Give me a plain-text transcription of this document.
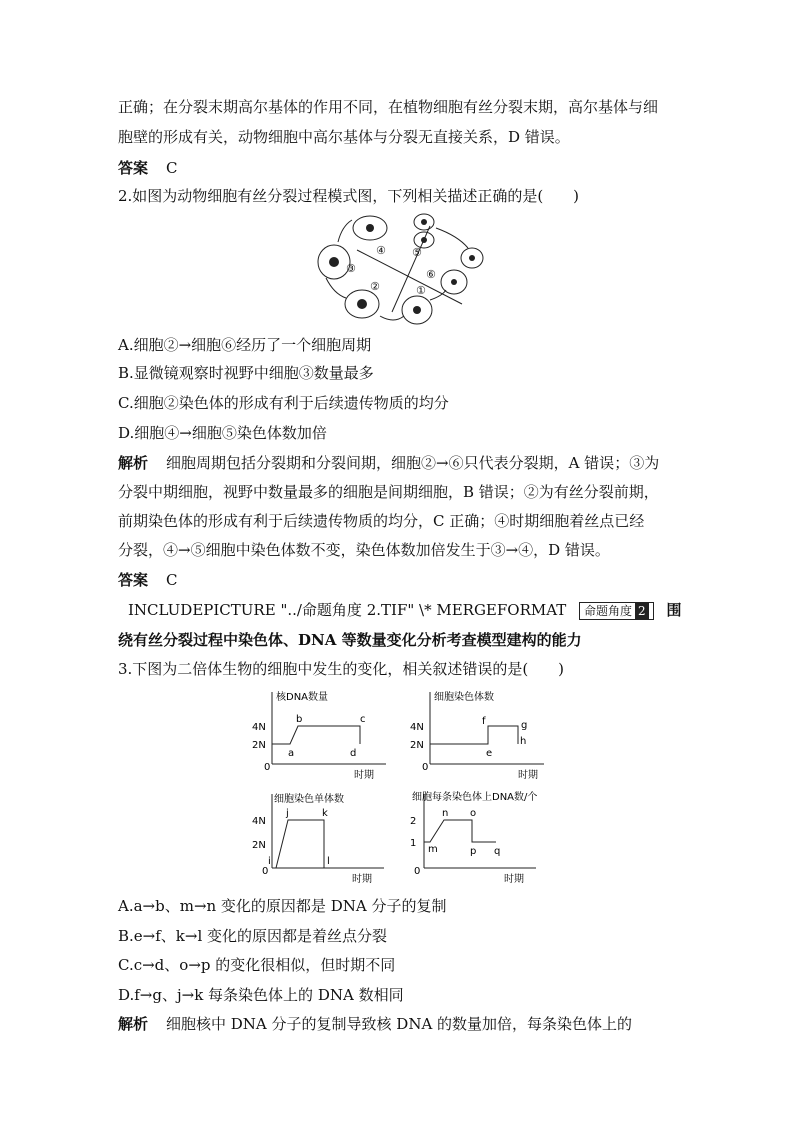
正确；在分裂末期高尔基体的作用不同，在植物细胞有丝分裂末期，高尔基体与细
胞壁的形成有关，动物细胞中高尔基体与分裂无直接关系，D 错误。
答案 C
2.如图为动物细胞有丝分裂过程模式图，下列相关描述正确的是(　　)
④
③
②	①
⑥
⑤
A.细胞②→细胞⑥经历了一个细胞周期
B.显微镜观察时视野中细胞③数量最多
C.细胞②染色体的形成有利于后续遗传物质的均分
D.细胞④→细胞⑤染色体数加倍
解析 细胞周期包括分裂期和分裂间期，细胞②→⑥只代表分裂期，A 错误；③为
分裂中期细胞，视野中数量最多的细胞是间期细胞，B 错误；②为有丝分裂前期，
前期染色体的形成有利于后续遗传物质的均分，C 正确；④时期细胞着丝点已经
分裂，④→⑤细胞中染色体数不变，染色体数加倍发生于③→④，D 错误。
答案 C
INCLUDEPICTURE "../命题角度 2.TIF" \* MERGEFORMAT 命题角度 2 围
绕有丝分裂过程中染色体、DNA 等数量变化分析考查模型建构的能力
3.下图为二倍体生物的细胞中发生的变化，相关叙述错误的是(　　)
核DNA数量
时期
4N
2N
0
a
b	c
d
细胞染色体数
时期
4N
2N
0
e
f	g
h
细胞染色单体数
时期
4N
2N
0
i
j	k
l
细胞每条染色体上DNA数/个
时期
2
1
0
m
n o
p q
A.a→b、m→n 变化的原因都是 DNA 分子的复制
B.e→f、k→l 变化的原因都是着丝点分裂
C.c→d、o→p 的变化很相似，但时期不同
D.f→g、j→k 每条染色体上的 DNA 数相同
解析 细胞核中 DNA 分子的复制导致核 DNA 的数量加倍，每条染色体上的
